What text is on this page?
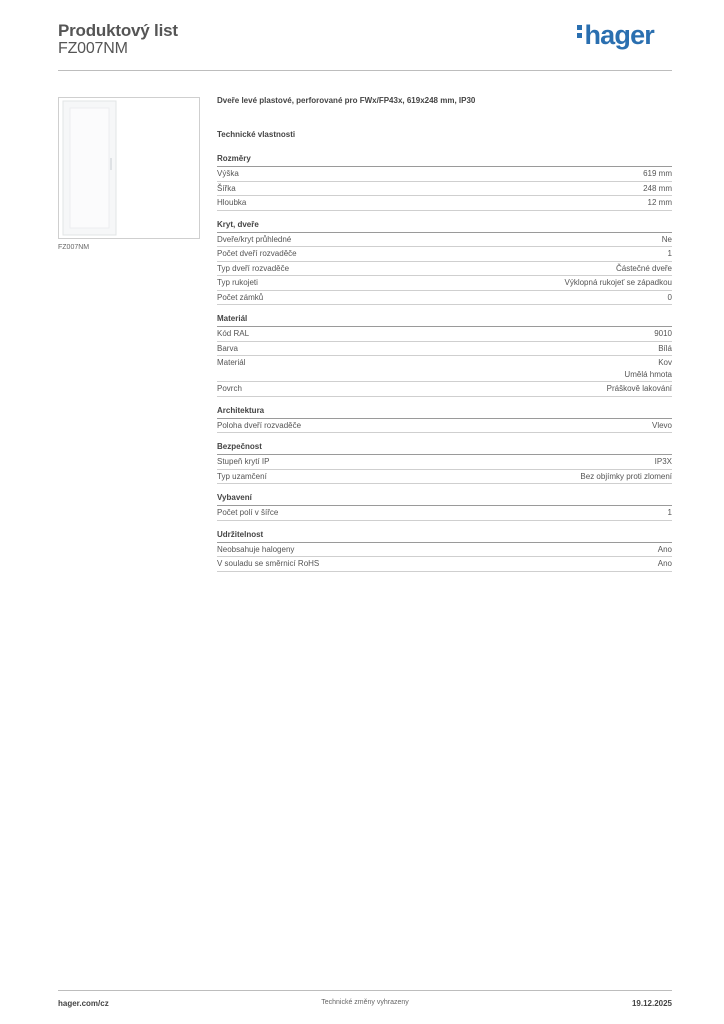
Produktový list
FZ007NM	hager
FZ007NM
Dveře levé plastové, perforované pro FWx/FP43x, 619x248 mm, IP30
Technické vlastnosti
Rozměry
Výška	619 mm
Šířka	248 mm
Hloubka	12 mm
Kryt, dveře
Dveře/kryt průhledné	Ne
Počet dveří rozvaděče	1
Typ dveří rozvaděče	Částečné dveře
Typ rukojeti	Výklopná rukojeť se západkou
Počet zámků	0
Materiál
Kód RAL	9010
Barva	Bílá
Materiál	Kov
Umělá hmota
Povrch	Práškově lakování
Architektura
Poloha dveří rozvaděče	Vlevo
Bezpečnost
Stupeň krytí IP	IP3X
Typ uzamčení	Bez objímky proti zlomení
Vybavení
Počet polí v šířce	1
Udržitelnost
Neobsahuje halogeny	Ano
V souladu se směrnicí RoHS	Ano
hager.com/cz	Technické změny vyhrazeny	19.12.2025
